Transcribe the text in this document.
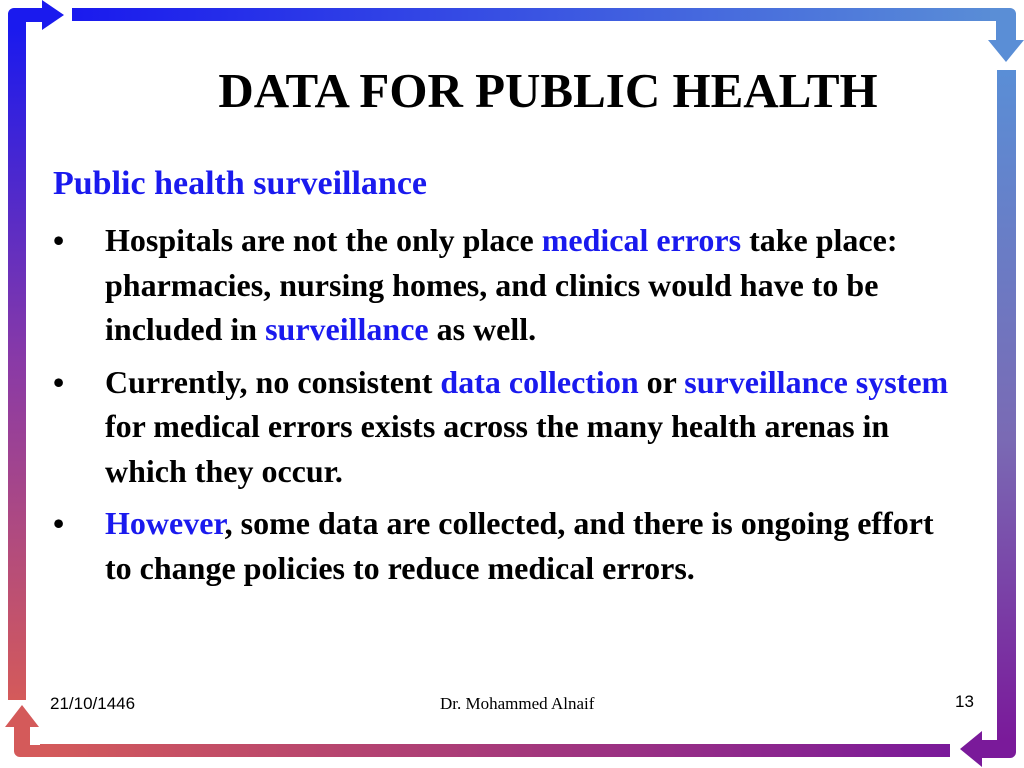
DATA FOR PUBLIC HEALTH
Public health surveillance
• Hospitals are not the only place medical errors take place: pharmacies, nursing homes, and clinics would have to be included in surveillance as well.
• Currently, no consistent data collection or surveillance system for medical errors exists across the many health arenas in which they occur.
• However, some data are collected, and there is ongoing effort to change policies to reduce medical errors.
21/10/1446	Dr. Mohammed Alnaif	13
